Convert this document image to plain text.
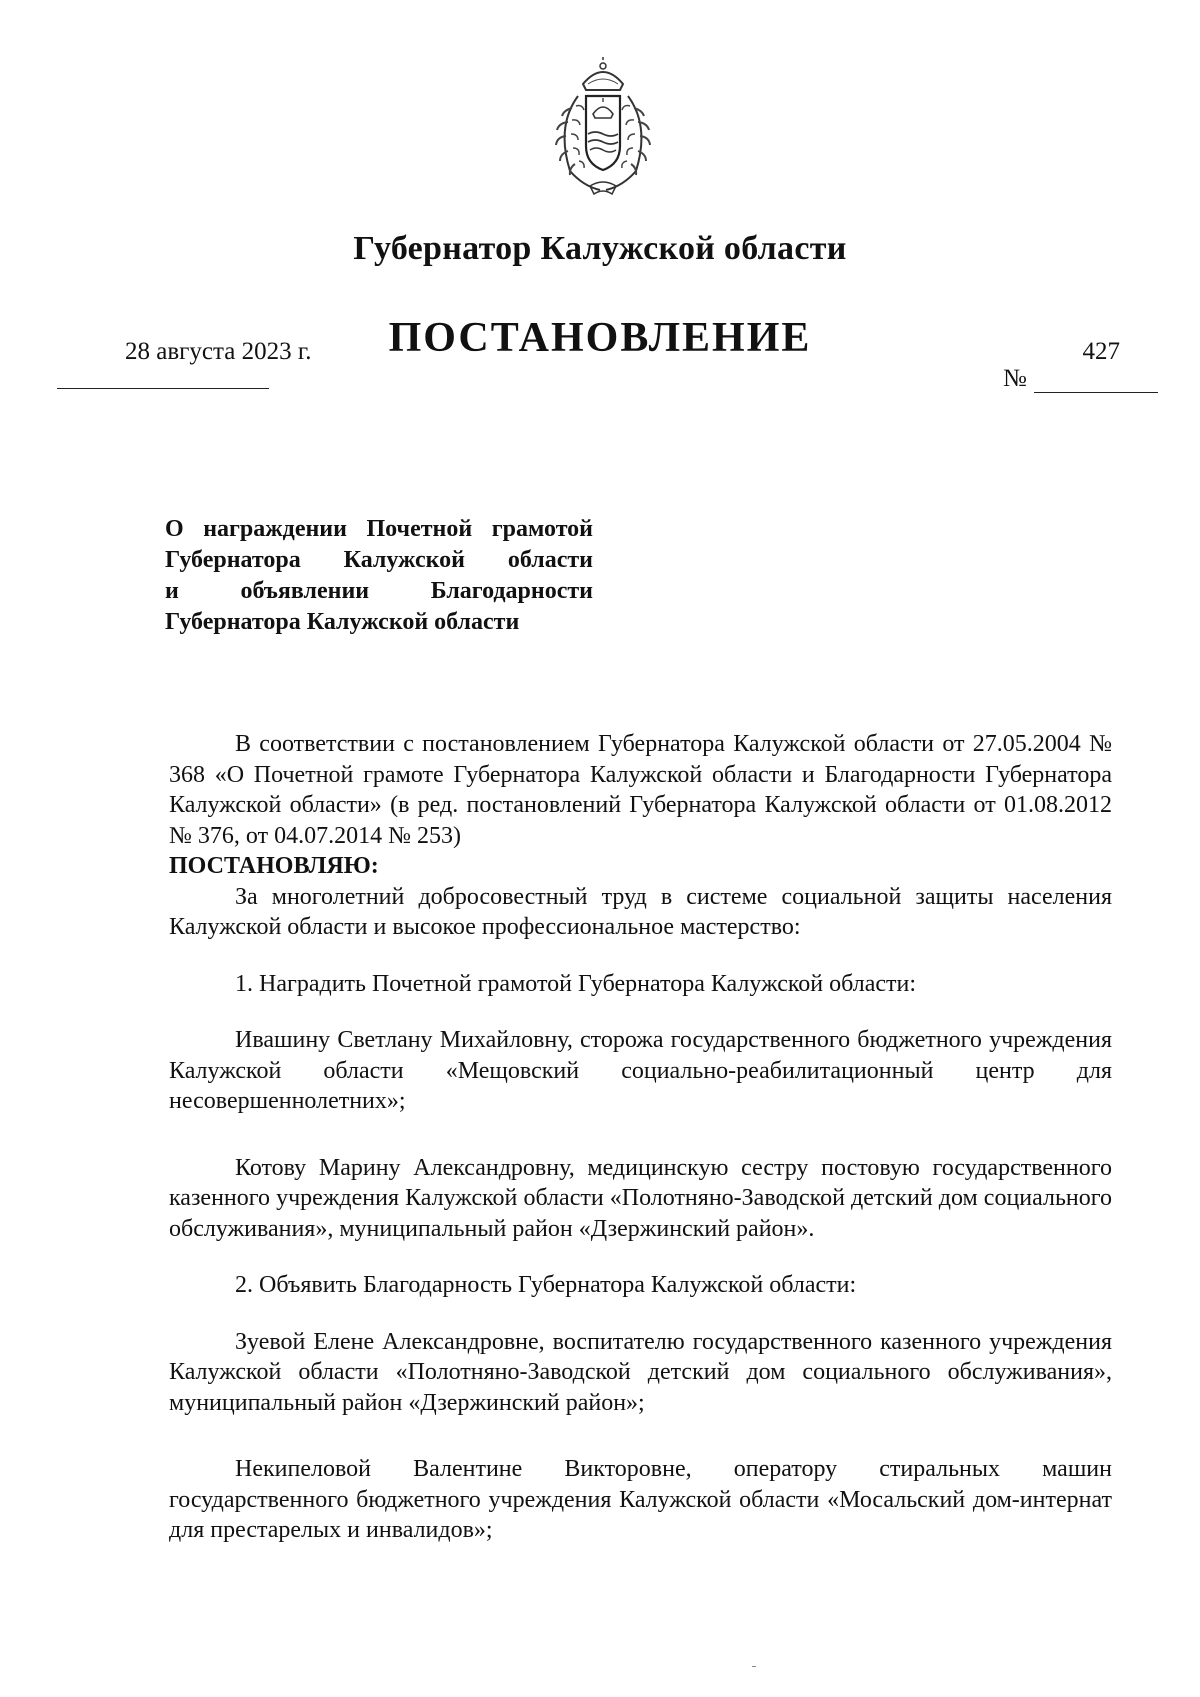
Губернатор Калужской области
28 августа 2023 г.	ПОСТАНОВЛЕНИЕ	427
№
О награждении Почетной грамотой
Губернатора Калужской области
и объявлении Благодарности
Губернатора Калужской области

В соответствии с постановлением Губернатора Калужской области от 27.05.2004 № 368 «О Почетной грамоте Губернатора Калужской области и Благодарности Губернатора Калужской области» (в ред. постановлений Губернатора Калужской области от 01.08.2012 № 376, от 04.07.2014 № 253)

ПОСТАНОВЛЯЮ:

За многолетний добросовестный труд в системе социальной защиты населения Калужской области и высокое профессиональное мастерство:

1. Наградить Почетной грамотой Губернатора Калужской области:

Ивашину Светлану Михайловну, сторожа государственного бюджетного учреждения Калужской области «Мещовский социально-реабилитационный центр для несовершеннолетних»;

Котову Марину Александровну, медицинскую сестру постовую государственного казенного учреждения Калужской области «Полотняно-Заводской детский дом социального обслуживания», муниципальный район «Дзержинский район».

2. Объявить Благодарность Губернатора Калужской области:

Зуевой Елене Александровне, воспитателю государственного казенного учреждения Калужской области «Полотняно-Заводской детский дом социального обслуживания», муниципальный район «Дзержинский район»;

Некипеловой Валентине Викторовне, оператору стиральных машин государственного бюджетного учреждения Калужской области «Мосальский дом-интернат для престарелых и инвалидов»;
